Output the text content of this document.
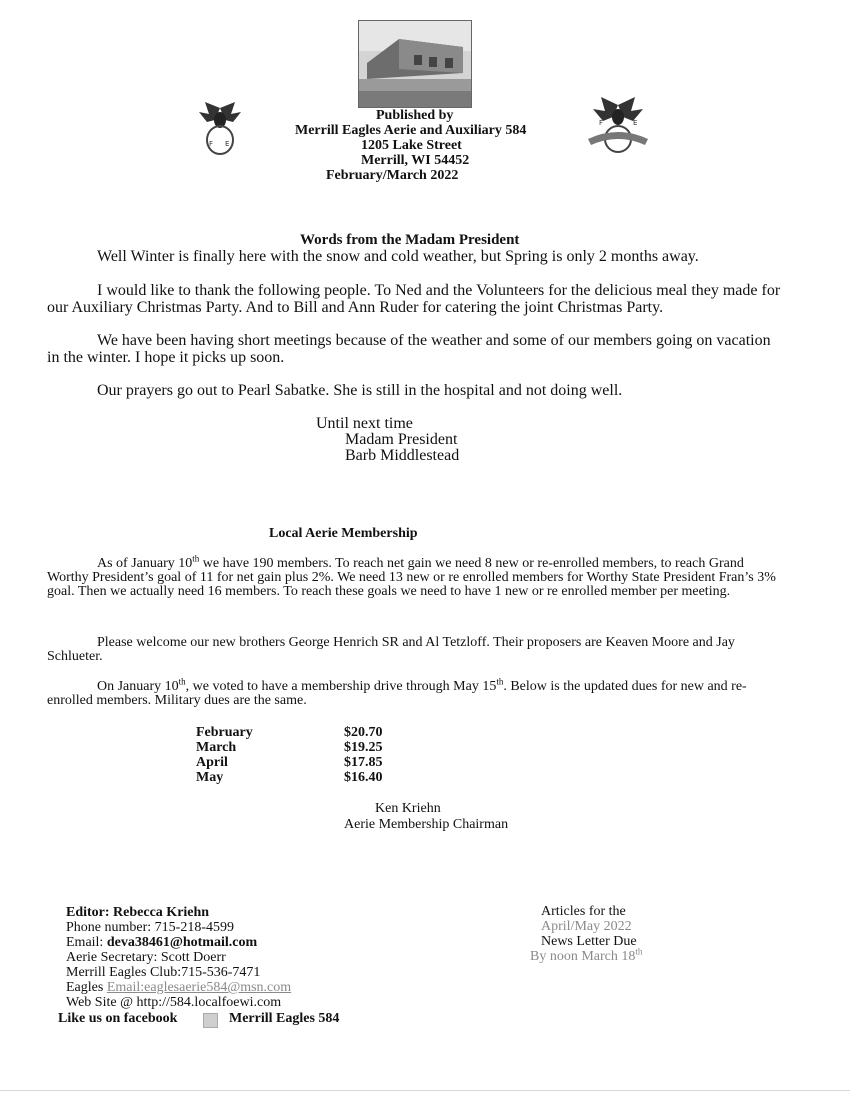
F E
F	E
Published by
Merrill Eagles Aerie and Auxiliary 584
1205 Lake Street
Merrill, WI 54452
February/March 2022
Words from the Madam President
Well Winter is finally here with the snow and cold weather, but Spring is only 2 months away.
I would like to thank the following people. To Ned and the Volunteers for the delicious meal they made for our Auxiliary Christmas Party. And to Bill and Ann Ruder for catering the joint Christmas Party.
We have been having short meetings because of the weather and some of our members going on vacation in the winter. I hope it picks up soon.
Our prayers go out to Pearl Sabatke. She is still in the hospital and not doing well.
Until next time
Madam President
Barb Middlestead
Local Aerie Membership
As of January 10th we have 190 members. To reach net gain we need 8 new or re-enrolled members, to reach Grand Worthy President’s goal of 11 for net gain plus 2%. We need 13 new or re enrolled members for Worthy State President Fran’s 3% goal. Then we actually need 16 members. To reach these goals we need to have 1 new or re enrolled member per meeting.
Please welcome our new brothers George Henrich SR and Al Tetzloff. Their proposers are Keaven Moore and Jay Schlueter.
On January 10th, we voted to have a membership drive through May 15th. Below is the updated dues for new and re-enrolled members. Military dues are the same.
February	$20.70
March	$19.25
April	$17.85
May	$16.40
Ken Kriehn
Aerie Membership Chairman
Editor: Rebecca Kriehn
Phone number: 715-218-4599
Email: deva38461@hotmail.com
Aerie Secretary: Scott Doerr
Merrill Eagles Club:715-536-7471
Eagles Email:eaglesaerie584@msn.com
Web Site @ http://584.localfoewi.com
Like us on facebook	Merrill Eagles 584
Articles for the
April/May 2022
News Letter Due
By noon March 18th
